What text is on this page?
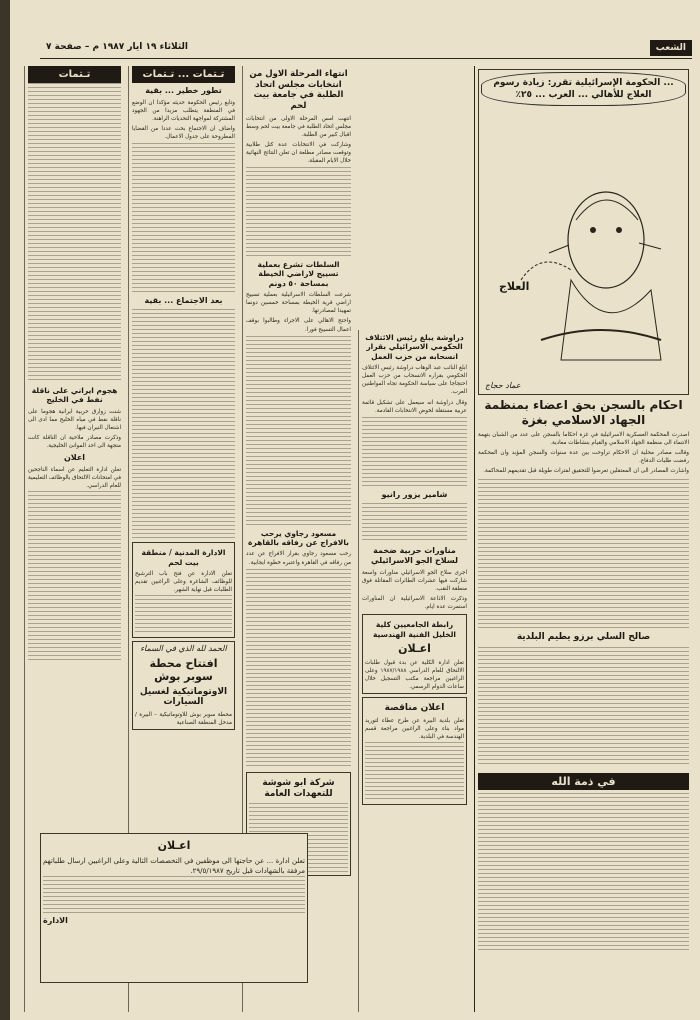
الشعب
الثلاثاء ١٩ ايار ١٩٨٧ م – صفحة ٧
... الحكومة الإسرائيلية تقرر: زيادة رسوم العلاج للأهالي ... العرب ... ٢٥٪
العلاج
عماد حجاج
احكام بالسجن بحق اعضاء بمنظمة الجهاد الاسلامي بغزة

اصدرت المحكمة العسكرية الاسرائيلية في غزة احكاما بالسجن على عدد من الشبان بتهمة الانتماء الى منظمة الجهاد الاسلامي والقيام بنشاطات معادية.

وقالت مصادر محلية ان الاحكام تراوحت بين عدة سنوات والسجن المؤبد وان المحكمة رفضت طلبات الدفاع.

واشارت المصادر الى ان المعتقلين تعرضوا للتحقيق لفترات طويلة قبل تقديمهم للمحاكمة.

صالح السلي برزو يطيم البلدية
في ذمة الله
دراوشة يبلغ رئيس الائتلاف الحكومي الاسرائيلي بقرار انسحابه من حزب العمل

ابلغ النائب عبد الوهاب دراوشة رئيس الائتلاف الحكومي بقراره الانسحاب من حزب العمل احتجاجا على سياسة الحكومة تجاه المواطنين العرب.

وقال دراوشة انه سيعمل على تشكيل قائمة عربية مستقلة لخوض الانتخابات القادمة.

شامير يزور رانيو
مناورات حربية ضخمة لسلاح الجو الاسرائيلي

اجرى سلاح الجو الاسرائيلي مناورات واسعة شاركت فيها عشرات الطائرات المقاتلة فوق منطقة النقب.

وذكرت الاذاعة الاسرائيلية ان المناورات استمرت عدة ايام.

رابطة الجامعيين كلية الخليل الفنية الهندسية
اعـلان
تعلن ادارة الكلية عن بدء قبول طلبات الالتحاق للعام الدراسي ١٩٨٧/١٩٨٨ وعلى الراغبين مراجعة مكتب التسجيل خلال ساعات الدوام الرسمي.
اعلان مناقصة
تعلن بلدية البيرة عن طرح عطاء لتوريد مواد بناء وعلى الراغبين مراجعة قسم الهندسة في البلدية.
انتهاء المرحلة الاول من انتخابات مجلس اتحاد الطلبة في جامعة بيت لحم

انتهت امس المرحلة الاولى من انتخابات مجلس اتحاد الطلبة في جامعة بيت لحم وسط اقبال كبير من الطلبة.

وشاركت في الانتخابات عدة كتل طلابية وتوقعت مصادر مطلعة ان تعلن النتائج النهائية خلال الايام المقبلة.

السلطات تشرع بعملية تسييج لاراضي الخيطة بمساحة ٥٠ دونم

شرعت السلطات الاسرائيلية بعملية تسييج اراضي قرية الخيطة بمساحة خمسين دونما تمهيدا لمصادرتها.

واحتج الاهالي على الاجراء وطالبوا بوقف اعمال التسييج فورا.

مسعود رجاوي يرحب بالافراج عن رفاقه بالقاهرة

رحب مسعود رجاوي بقرار الافراج عن عدد من رفاقه في القاهرة واعتبره خطوة ايجابية.

شركة ابو شوشة للتعهدات العامة
تـتمات ... تـتمات
تطور خطير ... بقية

وتابع رئيس الحكومة حديثه مؤكدا ان الوضع في المنطقة يتطلب مزيدا من الجهود المشتركة لمواجهة التحديات الراهنة.

واضاف ان الاجتماع بحث عددا من القضايا المطروحة على جدول الاعمال.

بعد الاجتماع ... بقية
الادارة المدنية / منطقة بيت لحم
تعلن الادارة عن فتح باب الترشيح للوظائف الشاغرة وعلى الراغبين تقديم الطلبات قبل نهاية الشهر.
الحمد لله الذي في السماء
افتتاح محطة سوبر بوش
الاوتوماتيكية لغسيل السيارات
محطة سوبر بوش للاوتوماتيكية – البيرة / مدخل المنطقة الصناعية
تـتمات
هجوم ايراني على ناقلة نفط في الخليج

شنت زوارق حربية ايرانية هجوما على ناقلة نفط في مياه الخليج مما ادى الى اشتعال النيران فيها.

وذكرت مصادر ملاحية ان الناقلة كانت متجهة الى احد الموانئ الخليجية.

اعلان
تعلن ادارة التعليم عن اسماء الناجحين في امتحانات الالتحاق بالوظائف التعليمية للعام الدراسي.
اعـلان
تعلن ادارة ... عن حاجتها الى موظفين في التخصصات التالية وعلى الراغبين ارسال طلباتهم مرفقة بالشهادات قبل تاريخ ٢٩/٥/١٩٨٧.
الادارة
